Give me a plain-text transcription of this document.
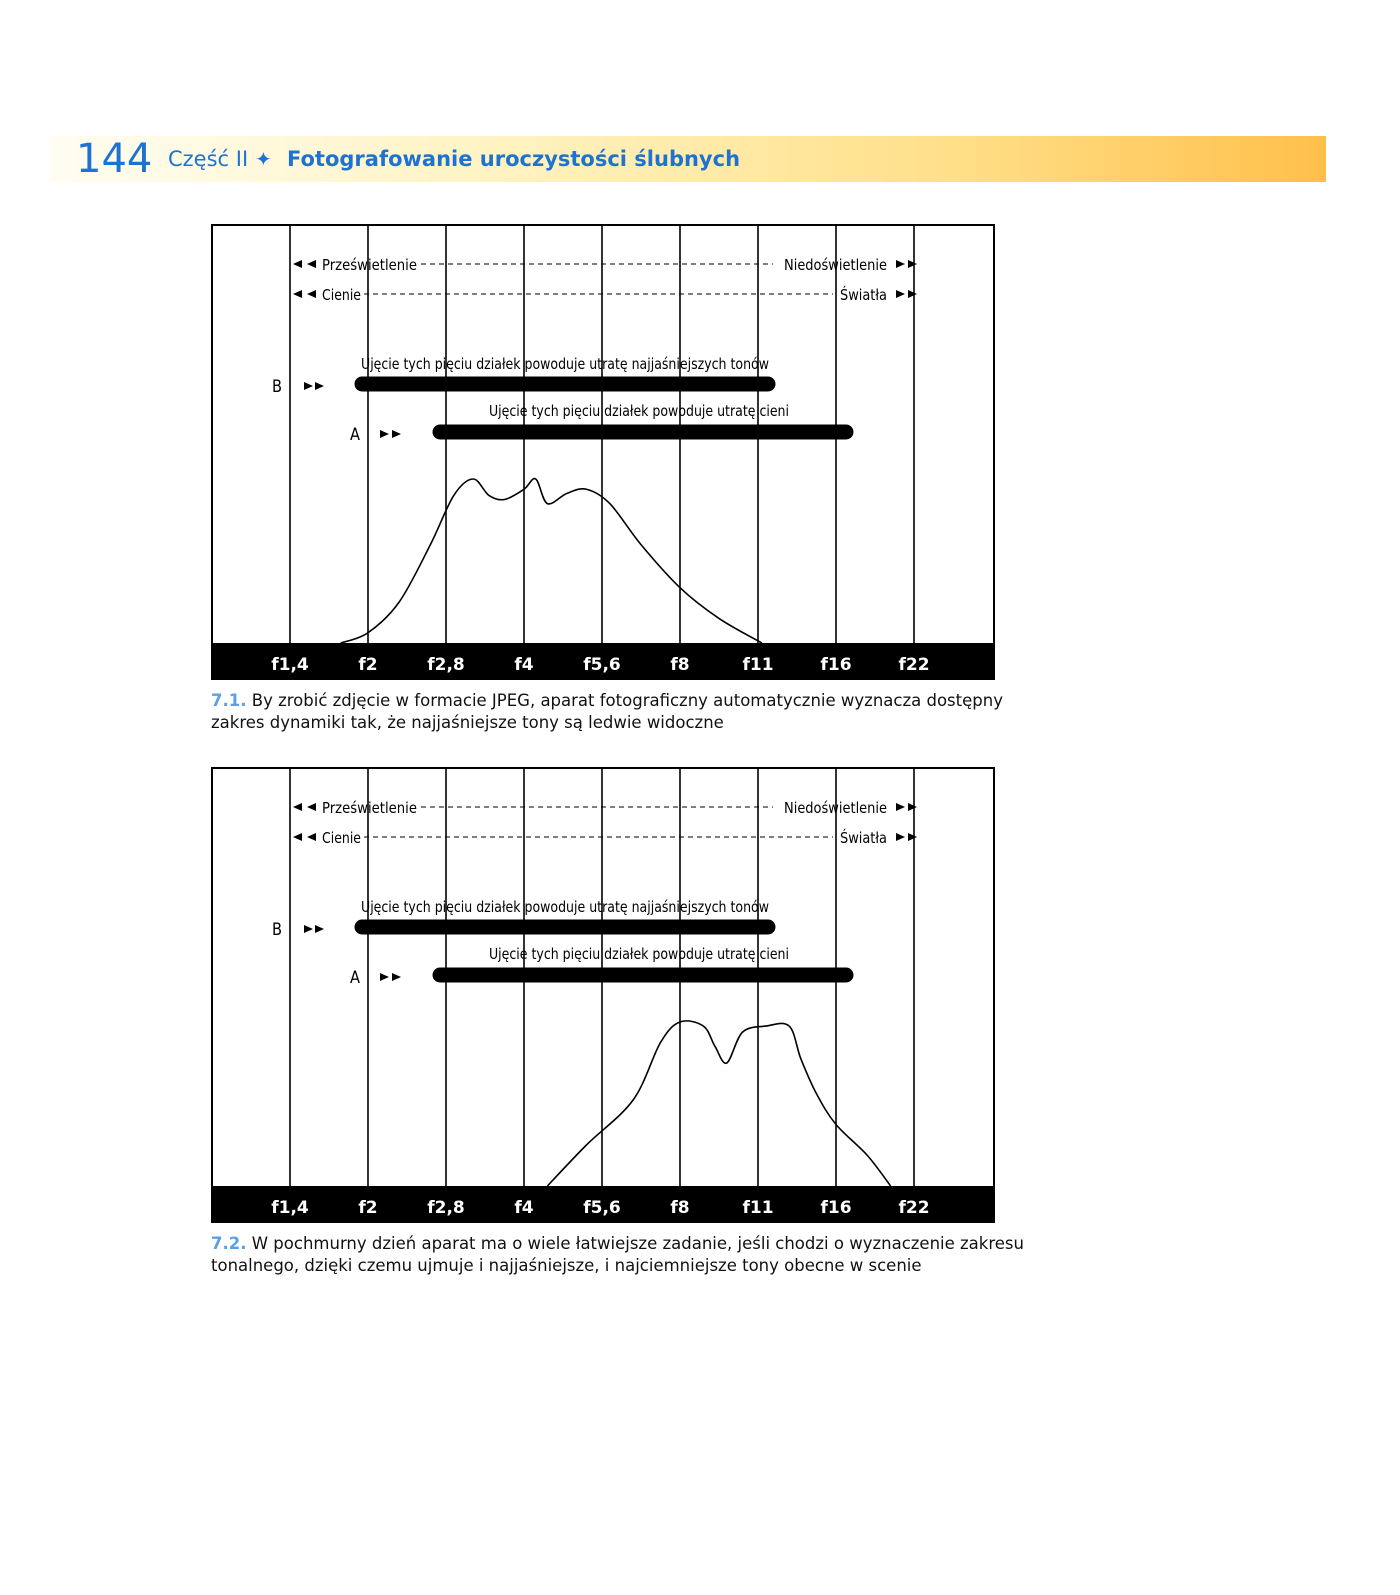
144 Część II ✦ Fotografowanie uroczystości ślubnych
Prześwietlenie
Cienie
Niedoświetlenie
Światła
Ujęcie tych pięciu działek powoduje utratę najjaśniejszych tonów
B
Ujęcie tych pięciu działek powoduje utratę cieni
A
f1,4	f2	f2,8	f4	f5,6	f8	f11	f16	f22
7.1. By zrobić zdjęcie w formacie JPEG, aparat fotograficzny automatycznie wyznacza dostępny zakres dynamiki tak, że najjaśniejsze tony są ledwie widoczne
Prześwietlenie
Cienie
Niedoświetlenie
Światła
Ujęcie tych pięciu działek powoduje utratę najjaśniejszych tonów
B
Ujęcie tych pięciu działek powoduje utratę cieni
A
f1,4	f2	f2,8	f4	f5,6	f8	f11	f16	f22
7.2. W pochmurny dzień aparat ma o wiele łatwiejsze zadanie, jeśli chodzi o wyznaczenie zakresu tonalnego, dzięki czemu ujmuje i najjaśniejsze, i najciemniejsze tony obecne w scenie
